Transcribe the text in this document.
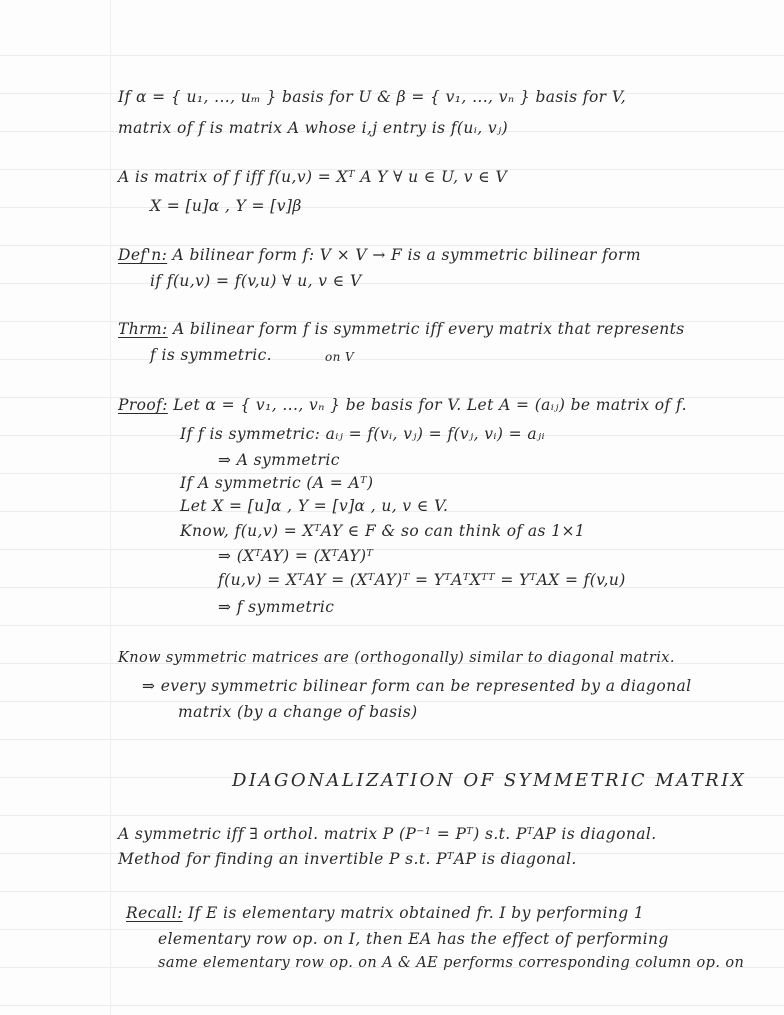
If α = { u₁, ..., uₘ } basis for U & β = { v₁, ..., vₙ } basis for V,
matrix of f is matrix A whose i,j entry is f(uᵢ, vⱼ)
A is matrix of f iff f(u,v) = Xᵀ A Y ∀ u ∈ U, v ∈ V
X = [u]α , Y = [v]β
Def'n: A bilinear form f: V × V → F is a symmetric bilinear form
if f(u,v) = f(v,u) ∀ u, v ∈ V
Thrm: A bilinear form f is symmetric iff every matrix that represents
f is symmetric.	on V
Proof: Let α = { v₁, ..., vₙ } be basis for V. Let A = (aᵢⱼ) be matrix of f.
If f is symmetric: aᵢⱼ = f(vᵢ, vⱼ) = f(vⱼ, vᵢ) = aⱼᵢ
⇒ A symmetric
If A symmetric (A = Aᵀ)
Let X = [u]α , Y = [v]α , u, v ∈ V.
Know, f(u,v) = XᵀAY ∈ F & so can think of as 1×1
⇒ (XᵀAY) = (XᵀAY)ᵀ
f(u,v) = XᵀAY = (XᵀAY)ᵀ = YᵀAᵀXᵀᵀ = YᵀAX = f(v,u)
⇒ f symmetric
Know symmetric matrices are (orthogonally) similar to diagonal matrix.
⇒ every symmetric bilinear form can be represented by a diagonal
matrix (by a change of basis)
DIAGONALIZATION OF SYMMETRIC MATRIX
A symmetric iff ∃ orthol. matrix P (P⁻¹ = Pᵀ) s.t. PᵀAP is diagonal.
Method for finding an invertible P s.t. PᵀAP is diagonal.
Recall: If E is elementary matrix obtained fr. I by performing 1
elementary row op. on I, then EA has the effect of performing
same elementary row op. on A & AE performs corresponding column op. on
